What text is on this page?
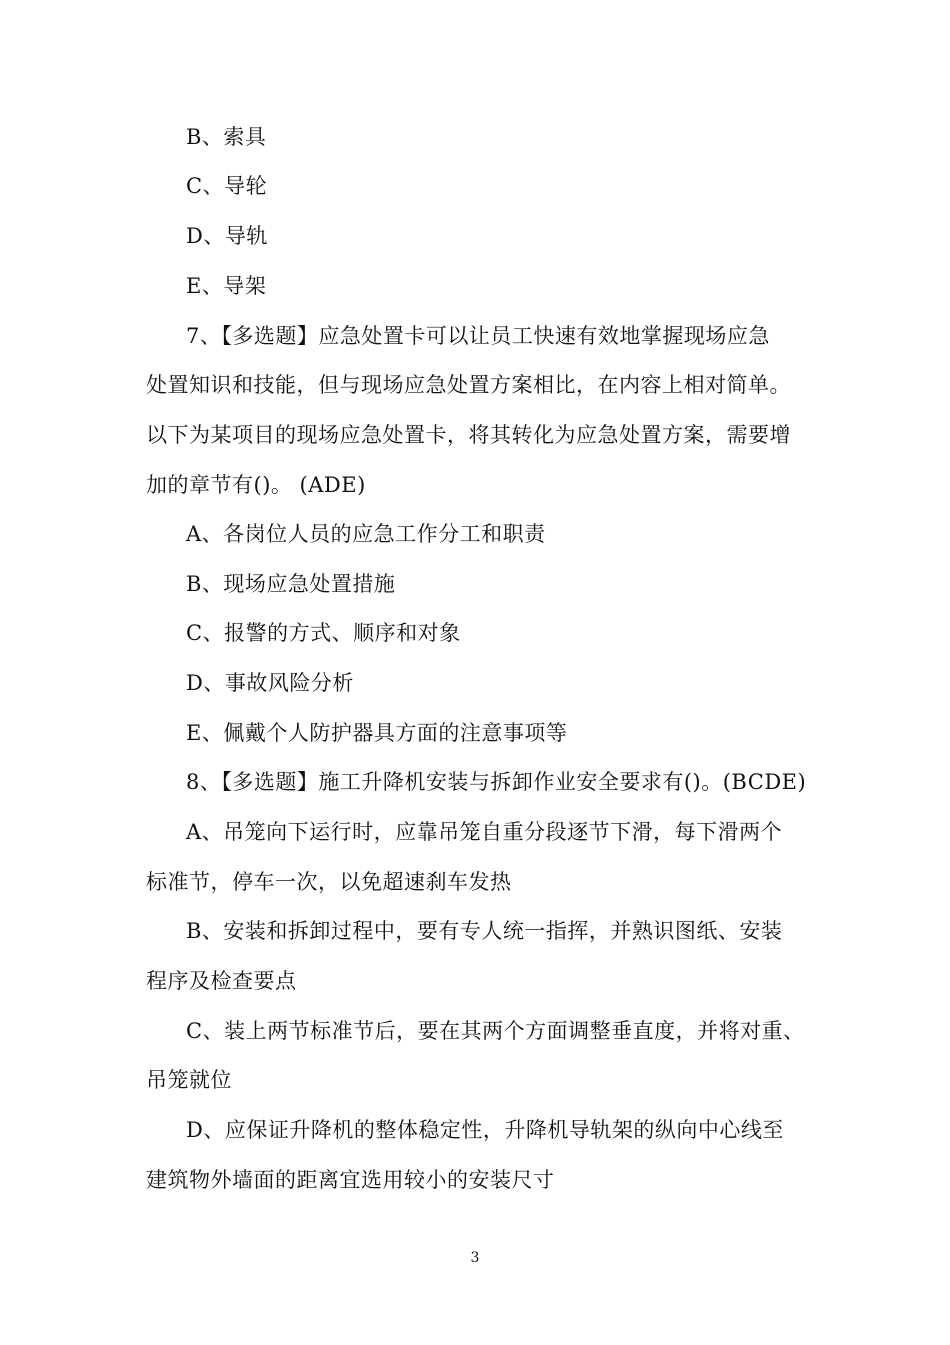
B、索具
C、导轮
D、导轨
E、导架
7、【多选题】应急处置卡可以让员工快速有效地掌握现场应急
处置知识和技能，但与现场应急处置方案相比，在内容上相对简单。
以下为某项目的现场应急处置卡，将其转化为应急处置方案，需要增
加的章节有()。 (ADE)
A、各岗位人员的应急工作分工和职责
B、现场应急处置措施
C、报警的方式、顺序和对象
D、事故风险分析
E、佩戴个人防护器具方面的注意事项等
8、【多选题】施工升降机安装与拆卸作业安全要求有()。(BCDE)
A、吊笼向下运行时，应靠吊笼自重分段逐节下滑，每下滑两个
标准节，停车一次，以免超速刹车发热
B、安装和拆卸过程中，要有专人统一指挥，并熟识图纸、安装
程序及检查要点
C、装上两节标准节后，要在其两个方面调整垂直度，并将对重、
吊笼就位
D、应保证升降机的整体稳定性，升降机导轨架的纵向中心线至
建筑物外墙面的距离宜选用较小的安装尺寸
3
